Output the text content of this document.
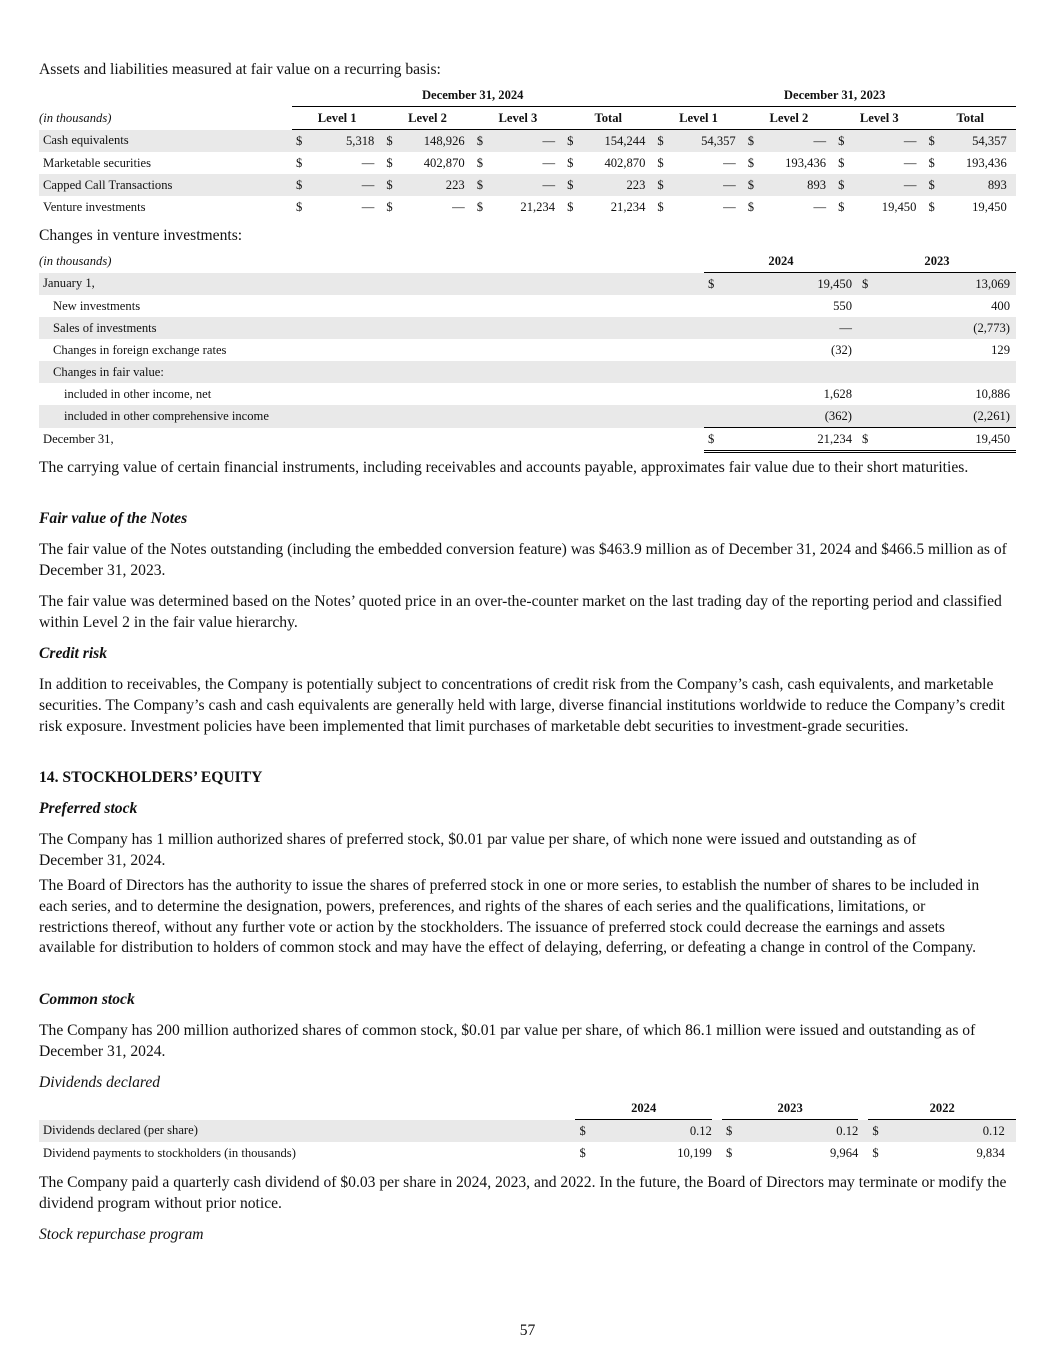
Assets and liabilities measured at fair value on a recurring basis:

	December 31, 2024												December 31, 2023											
(in thousands)	Level 1			Level 2			Level 3			Total			Level 1			Level 2			Level 3			Total		
Cash equivalents	$	5,318		$	148,926		$	—		$	154,244		$	54,357		$	—		$	—		$	54,357	
Marketable securities	$	—		$	402,870		$	—		$	402,870		$	—		$	193,436		$	—		$	193,436	
Capped Call Transactions	$	—		$	223		$	—		$	223		$	—		$	893		$	—		$	893	
Venture investments	$	—		$	—		$	21,234		$	21,234		$	—		$	—		$	19,450		$	19,450	

Changes in venture investments:

(in thousands)	2024			2023		
January 1,	$	19,450		$	13,069	
New investments		550			400	
Sales of investments		—			(2,773)	
Changes in foreign exchange rates		(32)			129	
Changes in fair value:						
included in other income, net		1,628			10,886	
included in other comprehensive income		(362)			(2,261)	
December 31,	$	21,234		$	19,450	

The carrying value of certain financial instruments, including receivables and accounts payable, approximates fair value due to their short maturities.

Fair value of the Notes

The fair value of the Notes outstanding (including the embedded conversion feature) was $463.9 million as of December 31, 2024 and $466.5 million as of December 31, 2023.

The fair value was determined based on the Notes’ quoted price in an over-the-counter market on the last trading day of the reporting period and classified within Level 2 in the fair value hierarchy.

Credit risk

In addition to receivables, the Company is potentially subject to concentrations of credit risk from the Company’s cash, cash equivalents, and marketable securities. The Company’s cash and cash equivalents are generally held with large, diverse financial institutions worldwide to reduce the Company’s credit risk exposure. Investment policies have been implemented that limit purchases of marketable debt securities to investment-grade securities.

14. STOCKHOLDERS’ EQUITY

Preferred stock

The Company has 1 million authorized shares of preferred stock, $0.01 par value per share, of which none were issued and outstanding as of December 31, 2024.

The Board of Directors has the authority to issue the shares of preferred stock in one or more series, to establish the number of shares to be included in each series, and to determine the designation, powers, preferences, and rights of the shares of each series and the qualifications, limitations, or restrictions thereof, without any further vote or action by the stockholders. The issuance of preferred stock could decrease the earnings and assets available for distribution to holders of common stock and may have the effect of delaying, deferring, or defeating a change in control of the Company.

Common stock

The Company has 200 million authorized shares of common stock, $0.01 par value per share, of which 86.1 million were issued and outstanding as of December 31, 2024.

Dividends declared

	2024			2023			2022		
Dividends declared (per share)	$	0.12		$	0.12		$	0.12	
Dividend payments to stockholders (in thousands)	$	10,199		$	9,964		$	9,834	

The Company paid a quarterly cash dividend of $0.03 per share in 2024, 2023, and 2022. In the future, the Board of Directors may terminate or modify the dividend program without prior notice.

Stock repurchase program

57
